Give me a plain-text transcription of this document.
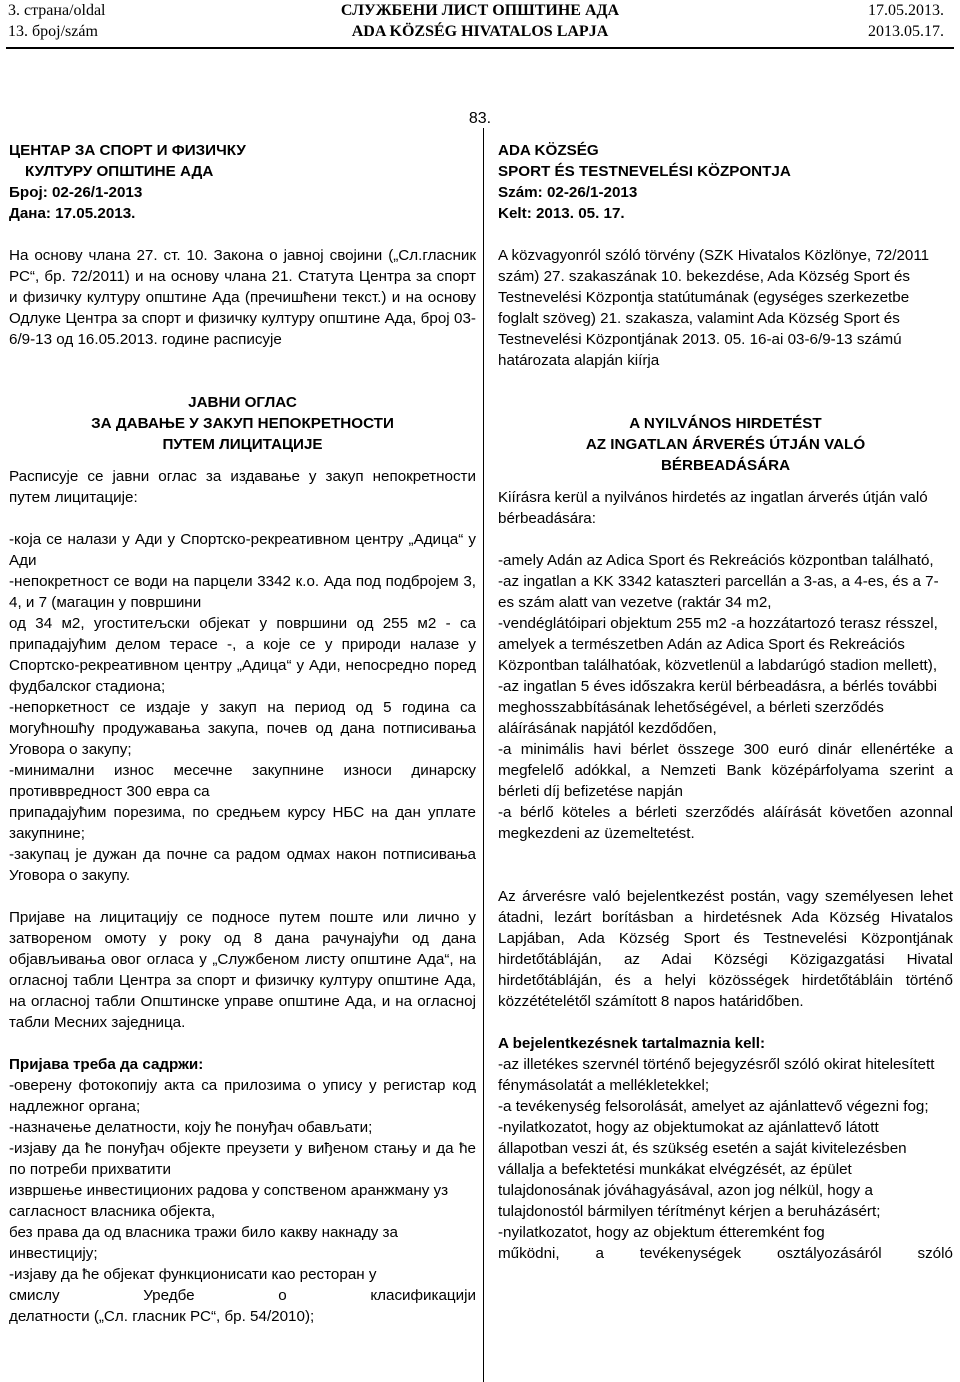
3. страна/oldal
13. број/szám
СЛУЖБЕНИ ЛИСТ ОПШТИНЕ АДА
ADA KÖZSÉG HIVATALOS LAPJA
17.05.2013.
2013.05.17.
83.

ЦЕНТАР ЗА СПОРТ И ФИЗИЧКУ

КУЛТУРУ ОПШТИНЕ АДА

Број: 02-26/1-2013

Дана: 17.05.2013.

На основу члана 27. ст. 10. Закона о јавној својини („Сл.гласник РС“, бр. 72/2011) и на основу члана 21. Статута Центра за спорт и физичку културу општине Ада (пречишћени текст.) и на основу Одлуке Центра за спорт и физичку културу општине Ада, број 03-6/9-13 од 16.05.2013. године расписује

ЈАВНИ ОГЛАС

ЗА ДАВАЊЕ У ЗАКУП НЕПОКРЕТНОСТИ

ПУТЕМ ЛИЦИТАЦИЈЕ

Расписује се јавни оглас за издавање у закуп непокретности путем лицитације:

-која се налази у Ади у Спортско-рекреативном центру „Адица“ у Ади

-непокретност се води на парцели 3342 к.о. Ада под подбројем 3, 4, и 7 (магацин у површини

од 34 м2, угоститељски објекат у површини од 255 м2 - са припадајућим делом терасе -, а које се у природи налазе у Спортско-рекреативном центру „Адица“ у Ади, непосредно поред фудбалског стадиона;

-непоркетност се издаје у закуп на период од 5 година са могућношћу продужавања закупа, почев од дана потписивања Уговора о закупу;

-минимални износ месечне закупнине износи динарску противвредност 300 евра са

припадајућим порезима, по средњем курсу НБС на дан уплате закупнине;

-закупац је дужан да почне са радом одмах након потписивања Уговора о закупу.

Пријаве на лицитацију се подносе путем поште или лично у затвореном омоту у року од 8 дана рачунајући од дана објављивања овог огласа у „Службеном листу општине Ада“, на огласној табли Центра за спорт и физичку културу општине Ада, на огласној табли Општинске управе општине Ада, и на огласној табли Месних заједница.

Пријава треба да садржи:

-оверену фотокопију акта са прилозима о упису у регистар код надлежног органа;

-назначење делатности, коју ће понуђач обављати;

-изјаву да ће понуђач објекте преузети у виђеном стању и да ће по потреби прихватити

извршење инвестиционих радова у сопственом аранжману уз сагласност власника објекта,

без права да од власника тражи било какву накнаду за инвестицију;

-изјаву да ће објекат функционисати као ресторан у

смислу	Уредбе	о	класификацији

делатности („Сл. гласник РС“, бр. 54/2010);

ADA KÖZSÉG

SPORT ÉS TESTNEVELÉSI KÖZPONTJA

Szám: 02-26/1-2013

Kelt: 2013. 05. 17.

A közvagyonról szóló törvény (SZK Hivatalos Közlönye, 72/2011 szám) 27. szakaszának 10. bekezdése, Ada Község Sport és Testnevelési Központja statútumának (egységes szerkezetbe foglalt szöveg) 21. szakasza, valamint Ada Község Sport és Testnevelési Központjának 2013. 05. 16-ai 03-6/9-13 számú határozata alapján kiírja

A NYILVÁNOS HIRDETÉST

AZ INGATLAN ÁRVERÉS ÚTJÁN VALÓ

BÉRBEADÁSÁRA

Kiírásra kerül a nyilvános hirdetés az ingatlan árverés útján való bérbeadására:

-amely Adán az Adica Sport és Rekreációs központban található,

-az ingatlan a KK 3342 kataszteri parcellán a 3-as, a 4-es, és a 7-es szám alatt van vezetve (raktár 34 m2,

-vendéglátóipari objektum 255 m2 -a hozzátartozó terasz résszel, amelyek a természetben Adán az Adica Sport és Rekreációs Központban találhatóak, közvetlenül a labdarúgó stadion mellett),

-az ingatlan 5 éves időszakra kerül bérbeadásra, a bérlés további meghosszabbításának lehetőségével, a bérleti szerződés aláírásának napjától kezdődően,

-a minimális havi bérlet összege 300 euró dinár ellenértéke a megfelelő adókkal, a Nemzeti Bank középárfolyama szerint a bérleti díj befizetése napján

-a bérlő köteles a bérleti szerződés aláírását követően azonnal megkezdeni az üzemeltetést.

Az árverésre való bejelentkezést postán, vagy személyesen lehet átadni, lezárt borításban a hirdetésnek Ada Község Hivatalos Lapjában, Ada Község Sport és Testnevelési Központjának hirdetőtábláján, az Adai Községi Közigazgatási Hivatal hirdetőtábláján, és a helyi közösségek hirdetőtábláin történő közzétételétől számított 8 napos határidőben.

A bejelentkezésnek tartalmaznia kell:

-az illetékes szervnél történő bejegyzésről szóló okirat hitelesített fénymásolatát a mellékletekkel;

-a tevékenység felsorolását, amelyet az ajánlattevő végezni fog;

-nyilatkozatot, hogy az objektumokat az ajánlattevő látott állapotban veszi át, és szükség esetén a saját kivitelezésben vállalja a befektetési munkákat elvégzését, az épület tulajdonosának jóváhagyásával, azon jog nélkül, hogy a tulajdonostól bármilyen térítményt kérjen a beruházásért;

-nyilatkozatot, hogy az objektum étteremként fog

működni, a tevékenységek osztályozásáról szóló
